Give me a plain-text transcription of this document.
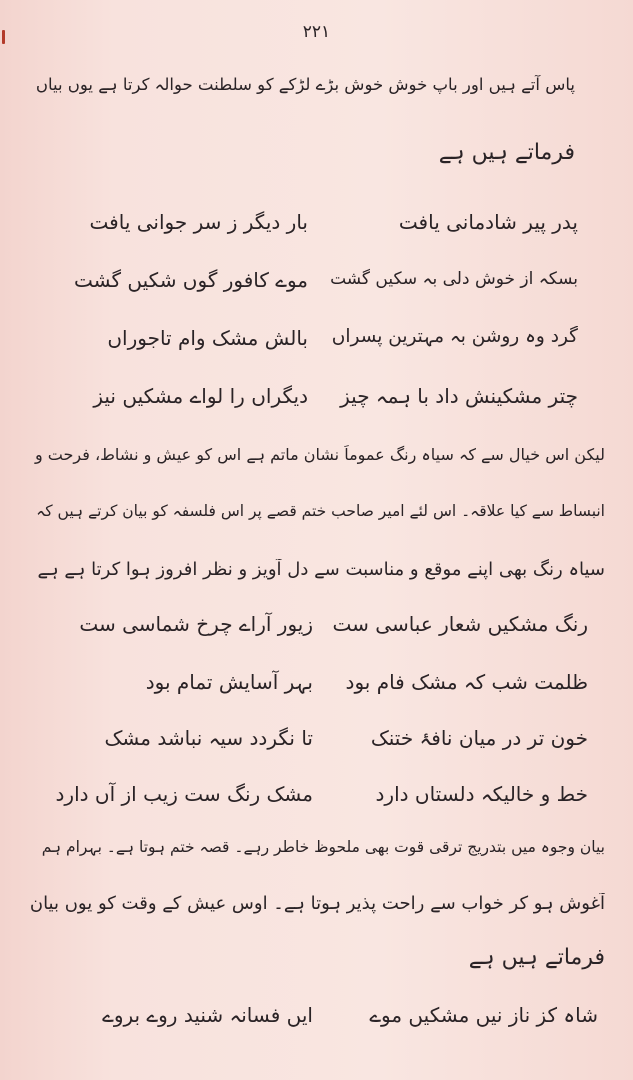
۲۲۱
پاس آتے ہیں اور باپ خوش خوش بڑے لڑکے کو سلطنت حوالہ کرتا ہے یوں بیاں
فرماتے ہیں ہے
پدر پیر شادمانی یافت
بار دیگر ز سر جوانی یافت
بسکہ از خوش دلی بہ سکیں گشت
موے کافور گوں شکیں گشت
گرد وہ روشن بہ مہترین پسراں
بالش مشک وام تاجوراں
چتر مشکینش داد با ہمہ چیز
دیگراں را لواے مشکیں نیز
لیکن اس خیال سے کہ سیاہ رنگ عموماً نشان ماتم ہے اس کو عیش و نشاط، فرحت و
انبساط سے کیا علاقہ۔ اس لئے امیر صاحب ختم قصے پر اس فلسفہ کو بیان کرتے ہیں کہ
سیاہ رنگ بھی اپنے موقع و مناسبت سے دل آویز و نظر افروز ہوا کرتا ہے ہے
رنگ مشکیں شعار عباسی ست
زیور آراے چرخ شماسی ست
ظلمت شب کہ مشک فام بود
بہر آسایش تمام بود
خون تر در میان نافۂ ختنک
تا نگردد سیہ نباشد مشک
خط و خالیکہ دلستاں دارد
مشک رنگ ست زیب از آں دارد
بیان وجوہ میں بتدریج ترقی قوت بھی ملحوظ خاطر رہے۔ قصہ ختم ہوتا ہے۔ بہرام ہم
آغوش ہو کر خواب سے راحت پذیر ہوتا ہے۔ اوس عیش کے وقت کو یوں بیان
فرماتے ہیں ہے
شاہ کز ناز نیں مشکیں موے
ایں فسانہ شنید روے بروے
